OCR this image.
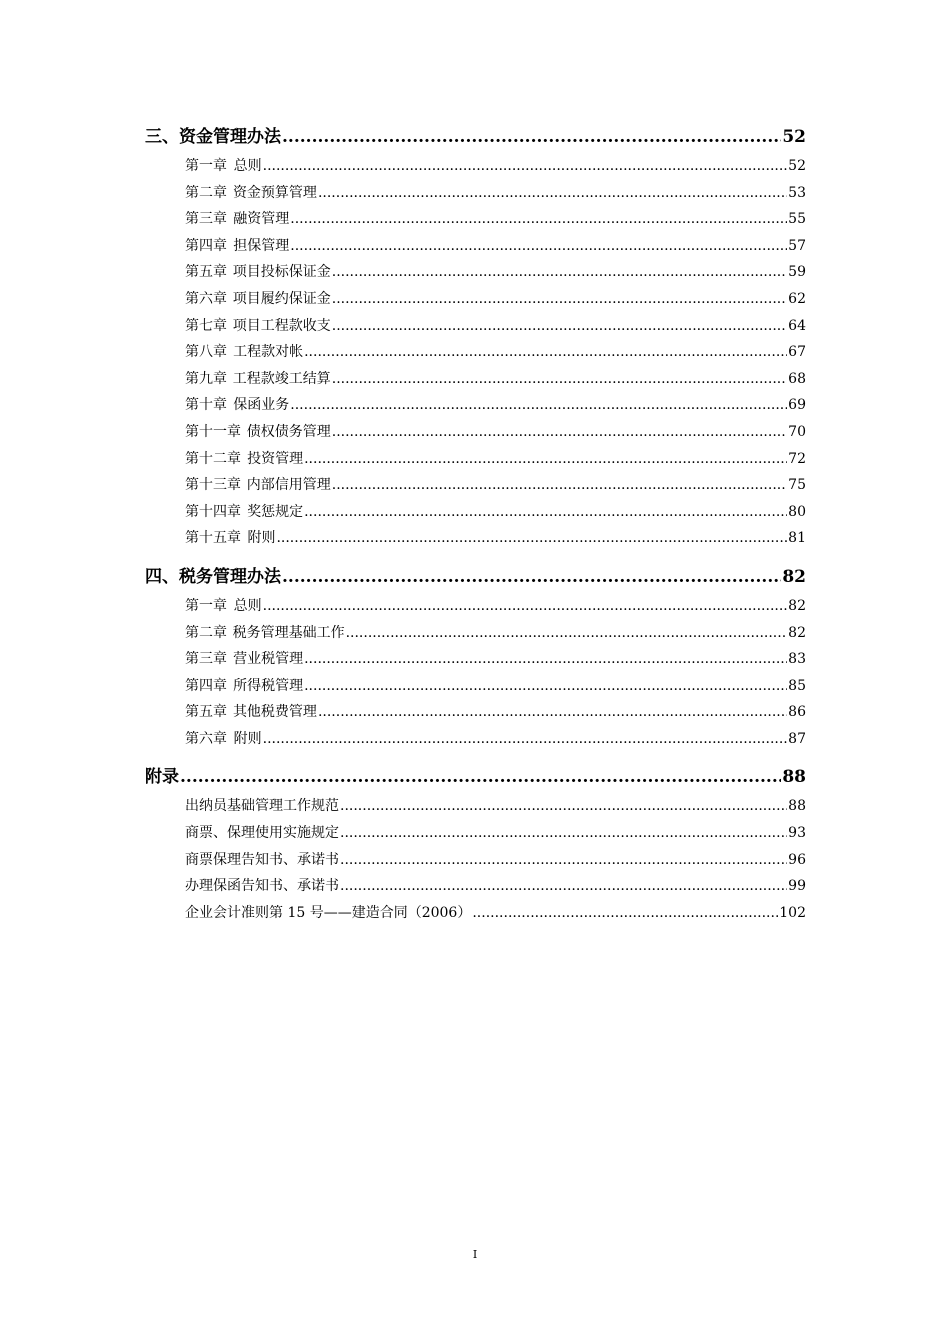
三、资金管理办法 .....	52
第一章 总则 .....	52
第二章 资金预算管理 .....	53
第三章 融资管理 .....	55
第四章 担保管理 .....	57
第五章 项目投标保证金 .....	59
第六章 项目履约保证金 .....	62
第七章 项目工程款收支 .....	64
第八章 工程款对帐 .....	67
第九章 工程款竣工结算 .....	68
第十章 保函业务 .....	69
第十一章 债权债务管理 .....	70
第十二章 投资管理 .....	72
第十三章 内部信用管理 .....	75
第十四章 奖惩规定 .....	80
第十五章 附则 .....	81
四、税务管理办法 .....	82
第一章 总则 .....	82
第二章 税务管理基础工作 .....	82
第三章 营业税管理 .....	83
第四章 所得税管理 .....	85
第五章 其他税费管理 .....	86
第六章 附则 .....	87
附录 .....	88
出纳员基础管理工作规范 .....	88
商票、保理使用实施规定 .....	93
商票保理告知书、承诺书 .....	96
办理保函告知书、承诺书 .....	99
企业会计准则第 15 号——建造合同（2006） .....	102
I
